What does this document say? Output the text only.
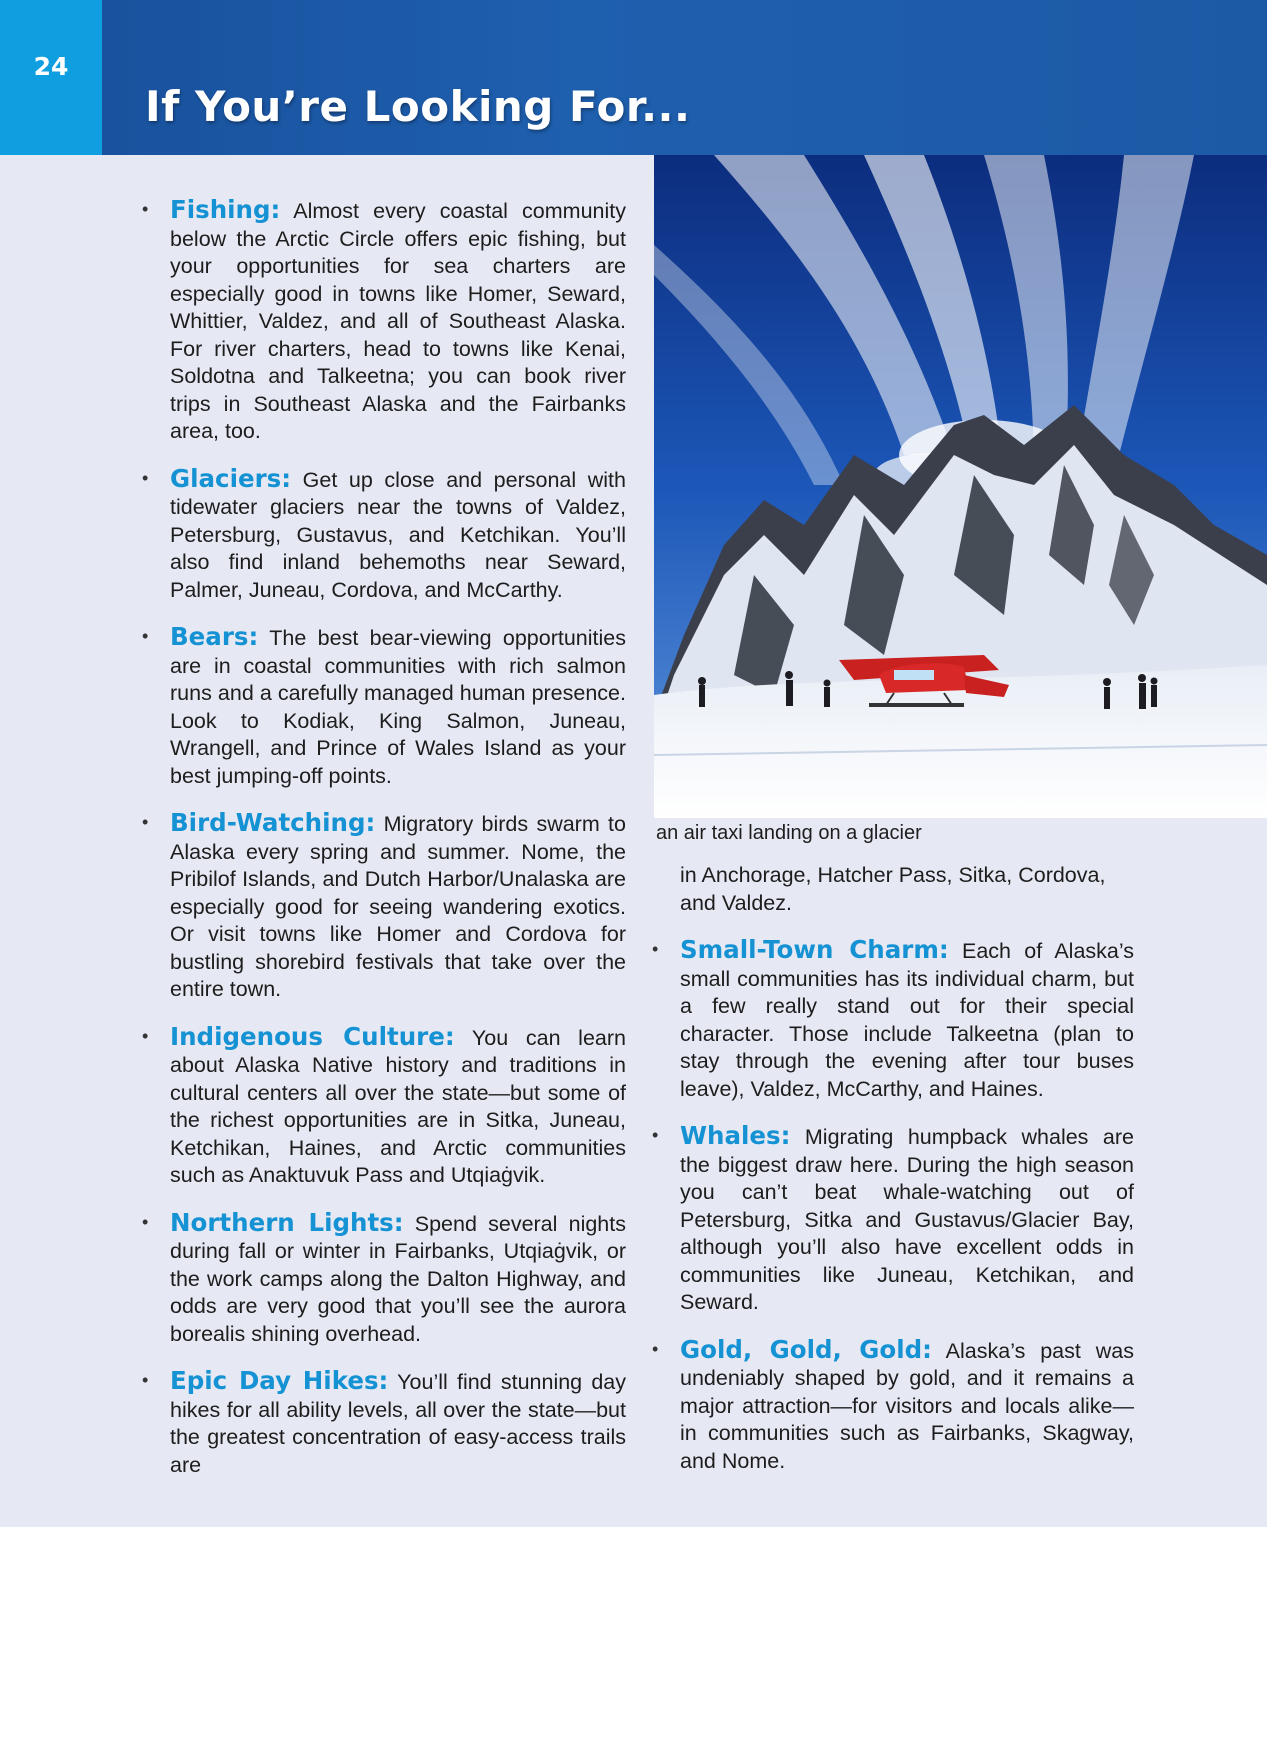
24
If You’re Looking For...
• Fishing: Almost every coastal community below the Arctic Circle offers epic fishing, but your opportunities for sea charters are especially good in towns like Homer, Seward, Whittier, Valdez, and all of Southeast Alaska. For river charters, head to towns like Kenai, Soldotna and Talkeetna; you can book river trips in Southeast Alaska and the Fairbanks area, too.
• Glaciers: Get up close and personal with tidewater glaciers near the towns of Valdez, Petersburg, Gustavus, and Ketchikan. You’ll also find inland behemoths near Seward, Palmer, Juneau, Cordova, and McCarthy.
• Bears: The best bear-viewing opportunities are in coastal communities with rich salmon runs and a carefully managed human presence. Look to Kodiak, King Salmon, Juneau, Wrangell, and Prince of Wales Island as your best jumping-off points.
• Bird-Watching: Migratory birds swarm to Alaska every spring and summer. Nome, the Pribilof Islands, and Dutch Harbor/Unalaska are especially good for seeing wandering exotics. Or visit towns like Homer and Cordova for bustling shorebird festivals that take over the entire town.
• Indigenous Culture: You can learn about Alaska Native history and traditions in cultural centers all over the state—but some of the richest opportunities are in Sitka, Juneau, Ketchikan, Haines, and Arctic communities such as Anaktuvuk Pass and Utqiaġvik.
• Northern Lights: Spend several nights during fall or winter in Fairbanks, Utqiaġvik, or the work camps along the Dalton Highway, and odds are very good that you’ll see the aurora borealis shining overhead.
• Epic Day Hikes: You’ll find stunning day hikes for all ability levels, all over the state—but the greatest concentration of easy-access trails are
an air taxi landing on a glacier
in Anchorage, Hatcher Pass, Sitka, Cordova, and Valdez.
• Small-Town Charm: Each of Alaska’s small communities has its individual charm, but a few really stand out for their special character. Those include Talkeetna (plan to stay through the evening after tour buses leave), Valdez, McCarthy, and Haines.
• Whales: Migrating humpback whales are the biggest draw here. During the high season you can’t beat whale-watching out of Petersburg, Sitka and Gustavus/Glacier Bay, although you’ll also have excellent odds in communities like Juneau, Ketchikan, and Seward.
• Gold, Gold, Gold: Alaska’s past was undeniably shaped by gold, and it remains a major attraction—for visitors and locals alike—in communities such as Fairbanks, Skagway, and Nome.
